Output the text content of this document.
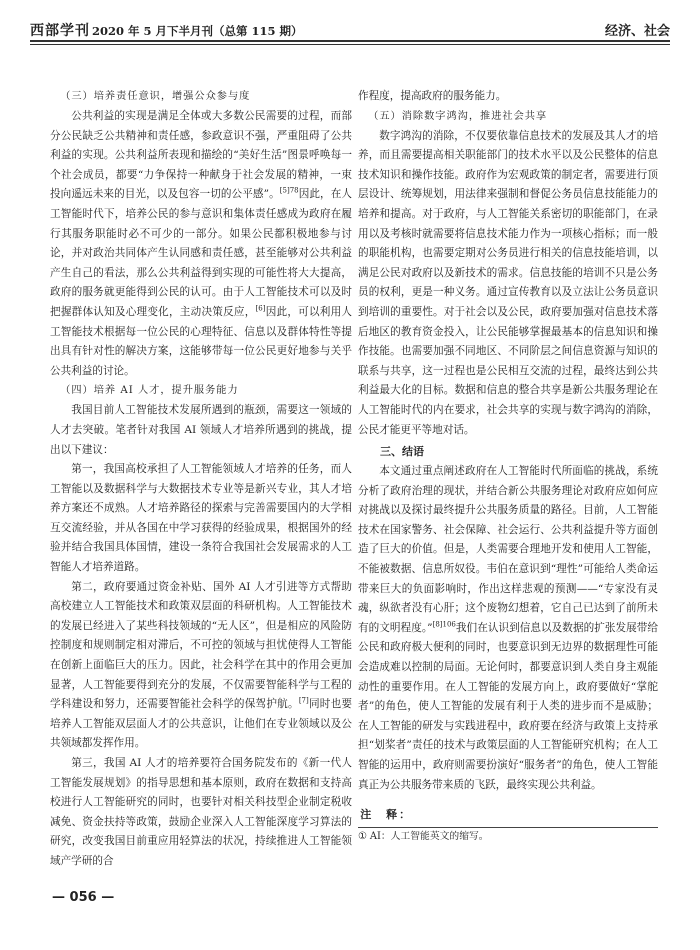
西部学刊 2020 年 5 月下半月刊（总第 115 期）	经济、社会
（三）培养责任意识，增强公众参与度

公共利益的实现是满足全体或大多数公民需要的过程，而部分公民缺乏公共精神和责任感，参政意识不强，严重阻碍了公共利益的实现。公共利益所表现和描绘的“美好生活”图景呼唤每一个社会成员，都要“力争保持一种献身于社会发展的精神，一束投向遥远未来的目光，以及包容一切的公平感”。$^{[5]78}$因此，在人工智能时代下，培养公民的参与意识和集体责任感成为政府在履行其服务职能时必不可少的一部分。如果公民都积极地参与讨论，并对政治共同体产生认同感和责任感，甚至能够对公共利益产生自己的看法，那么公共利益得到实现的可能性将大大提高，政府的服务就更能得到公民的认可。由于人工智能技术可以及时把握群体认知及心理变化，主动决策反应，[6]因此，可以利用人工智能技术根据每一位公民的心理特征、信息以及群体特性等提出具有针对性的解决方案，这能够带每一位公民更好地参与关乎公共利益的讨论。

（四）培养 AI 人才，提升服务能力

我国目前人工智能技术发展所遇到的瓶颈，需要这一领域的人才去突破。笔者针对我国 AI 领域人才培养所遇到的挑战，提出以下建议：

第一，我国高校承担了人工智能领域人才培养的任务，而人工智能以及数据科学与大数据技术专业等是新兴专业，其人才培养方案还不成熟。人才培养路径的探索与完善需要国内的大学相互交流经验，并从各国在中学习获得的经验成果，根据国外的经验并结合我国具体国情，建设一条符合我国社会发展需求的人工智能人才培养道路。

第二，政府要通过资金补贴、国外 AI 人才引进等方式帮助高校建立人工智能技术和政策双层面的科研机构。人工智能技术的发展已经进入了某些科技领域的“无人区”，但是相应的风险防控制度和规则制定相对滞后，不可控的领域与担忧使得人工智能在创新上面临巨大的压力。因此，社会科学在其中的作用会更加显著，人工智能要得到充分的发展，不仅需要智能科学与工程的学科建设和努力，还需要智能社会科学的保驾护航。[7]同时也要培养人工智能双层面人才的公共意识，让他们在专业领域以及公共领域都发挥作用。

第三，我国 AI 人才的培养要符合国务院发布的《新一代人工智能发展规划》的指导思想和基本原则，政府在数据和支持高校进行人工智能研究的同时，也要针对相关科技型企业制定税收减免、资金扶持等政策，鼓励企业深入人工智能深度学习算法的研究，改变我国目前重应用轻算法的状况，持续推进人工智能领域产学研的合

作程度，提高政府的服务能力。

（五）消除数字鸿沟，推进社会共享

数字鸿沟的消除，不仅要依靠信息技术的发展及其人才的培养，而且需要提高相关职能部门的技术水平以及公民整体的信息技术知识和操作技能。政府作为宏观政策的制定者，需要进行顶层设计、统筹规划，用法律来强制和督促公务员信息技能能力的培养和提高。对于政府，与人工智能关系密切的职能部门，在录用以及考核时就需要将信息技术能力作为一项核心指标；而一般的职能机构，也需要定期对公务员进行相关的信息技能培训，以满足公民对政府以及新技术的需求。信息技能的培训不只是公务员的权利，更是一种义务。通过宣传教育以及立法让公务员意识到培训的重要性。对于社会以及公民，政府要加强对信息技术落后地区的教育资金投入，让公民能够掌握最基本的信息知识和操作技能。也需要加强不同地区、不同阶层之间信息资源与知识的联系与共享，这一过程也是公民相互交流的过程，最终达到公共利益最大化的目标。数据和信息的整合共享是新公共服务理论在人工智能时代的内在要求，社会共享的实现与数字鸿沟的消除，公民才能更平等地对话。

三、结语

本文通过重点阐述政府在人工智能时代所面临的挑战，系统分析了政府治理的现状，并结合新公共服务理论对政府应如何应对挑战以及探讨最终提升公共服务质量的路径。目前，人工智能技术在国家警务、社会保障、社会运行、公共利益提升等方面创造了巨大的价值。但是，人类需要合理地开发和使用人工智能，不能被数据、信息所奴役。韦伯在意识到“理性”可能给人类命运带来巨大的负面影响时，作出这样悲观的预测——“专家没有灵魂，纵欲者没有心肝；这个废物幻想着，它自己已达到了前所未有的文明程度。”$^{[8]106}$我们在认识到信息以及数据的扩张发展带给公民和政府极大便利的同时，也要意识到无边界的数据理性可能会造成难以控制的局面。无论何时，都要意识到人类自身主观能动性的重要作用。在人工智能的发展方向上，政府要做好“掌舵者”的角色，使人工智能的发展有利于人类的进步而不是威胁；在人工智能的研发与实践进程中，政府要在经济与政策上支持承担“划桨者”责任的技术与政策层面的人工智能研究机构；在人工智能的运用中，政府则需要扮演好“服务者”的角色，使人工智能真正为公共服务带来质的飞跃，最终实现公共利益。

注　释：
① AI：人工智能英文的缩写。
— 056 —
